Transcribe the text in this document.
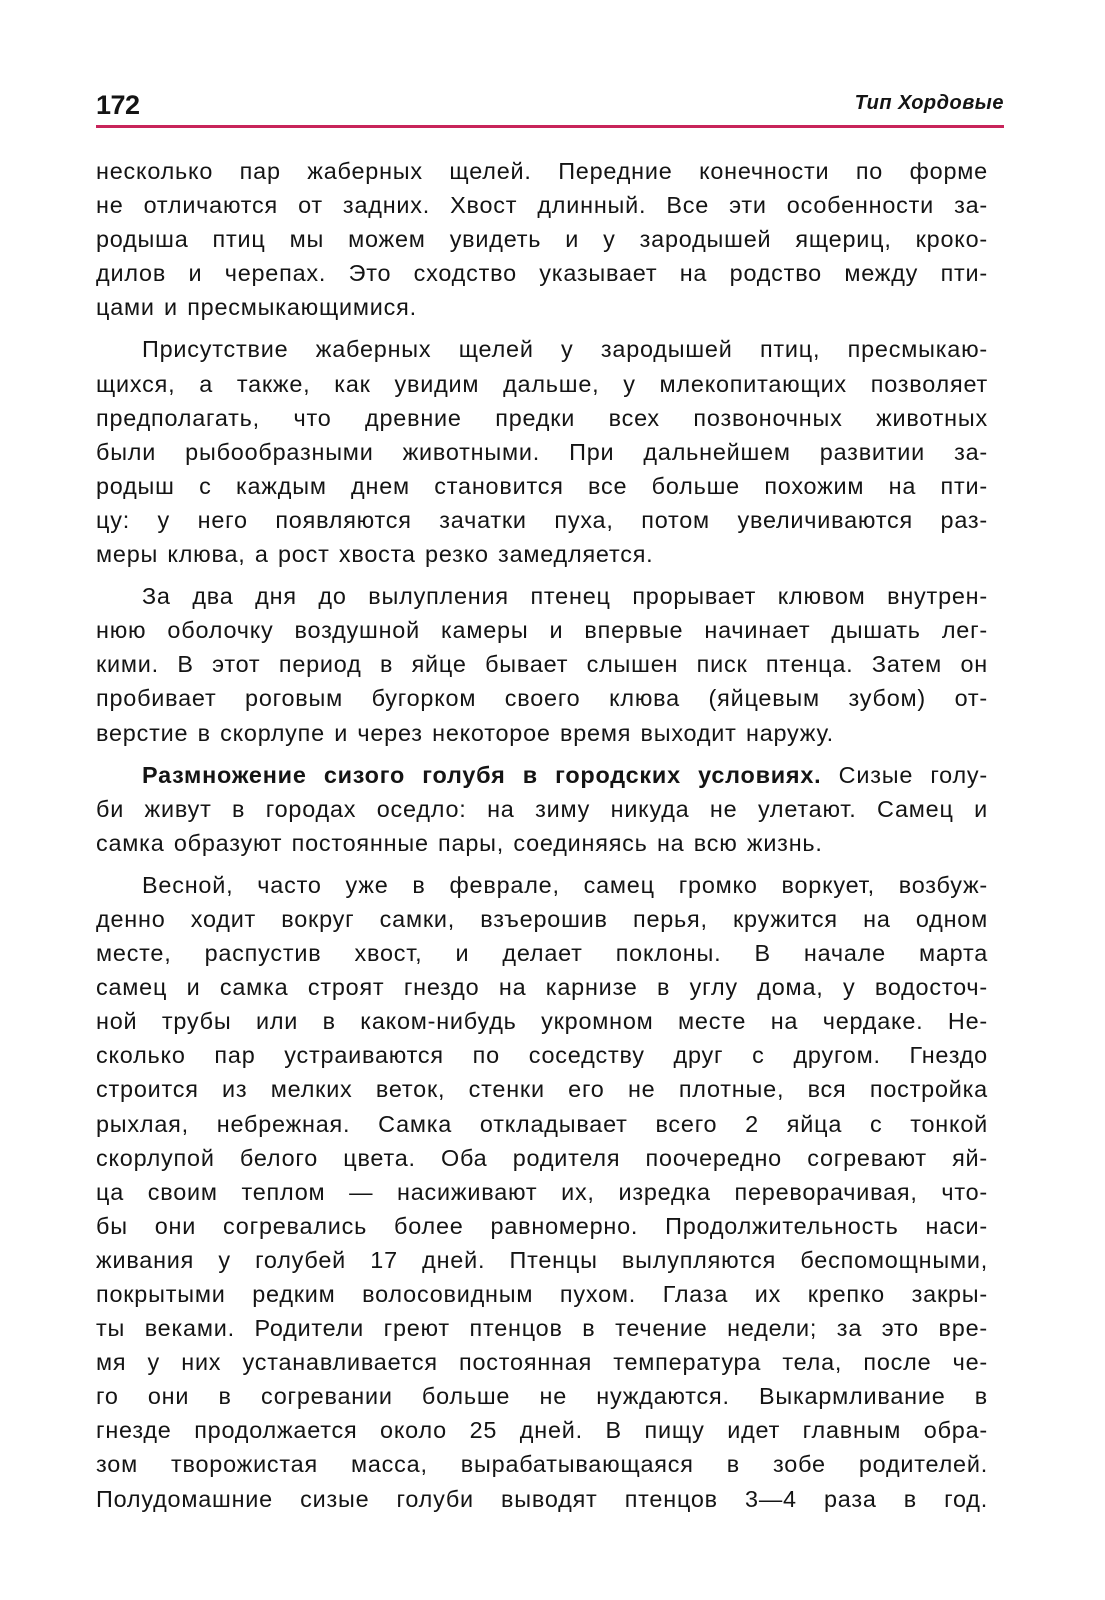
172	Тип Хордовые
несколько пар жаберных щелей. Передние конечности по форме
не отличаются от задних. Хвост длинный. Все эти особенности за-
родыша птиц мы можем увидеть и у зародышей ящериц, кроко-
дилов и черепах. Это сходство указывает на родство между пти-
цами и пресмыкающимися.
Присутствие жаберных щелей у зародышей птиц, пресмыкаю-
щихся, а также, как увидим дальше, у млекопитающих позволяет
предполагать, что древние предки всех позвоночных животных
были рыбообразными животными. При дальнейшем развитии за-
родыш с каждым днем становится все больше похожим на пти-
цу: у него появляются зачатки пуха, потом увеличиваются раз-
меры клюва, а рост хвоста резко замедляется.
За два дня до вылупления птенец прорывает клювом внутрен-
нюю оболочку воздушной камеры и впервые начинает дышать лег-
кими. В этот период в яйце бывает слышен писк птенца. Затем он
пробивает роговым бугорком своего клюва (яйцевым зубом) от-
верстие в скорлупе и через некоторое время выходит наружу.
Размножение сизого голубя в городских условиях. Сизые голу-
би живут в городах оседло: на зиму никуда не улетают. Самец и
самка образуют постоянные пары, соединяясь на всю жизнь.
Весной, часто уже в феврале, самец громко воркует, возбуж-
денно ходит вокруг самки, взъерошив перья, кружится на одном
месте, распустив хвост, и делает поклоны. В начале марта
самец и самка строят гнездо на карнизе в углу дома, у водосточ-
ной трубы или в каком-нибудь укромном месте на чердаке. Не-
сколько пар устраиваются по соседству друг с другом. Гнездо
строится из мелких веток, стенки его не плотные, вся постройка
рыхлая, небрежная. Самка откладывает всего 2 яйца с тонкой
скорлупой белого цвета. Оба родителя поочередно согревают яй-
ца своим теплом — насиживают их, изредка переворачивая, что-
бы они согревались более равномерно. Продолжительность наси-
живания у голубей 17 дней. Птенцы вылупляются беспомощными,
покрытыми редким волосовидным пухом. Глаза их крепко закры-
ты веками. Родители греют птенцов в течение недели; за это вре-
мя у них устанавливается постоянная температура тела, после че-
го они в согревании больше не нуждаются. Выкармливание в
гнезде продолжается около 25 дней. В пищу идет главным обра-
зом творожистая масса, вырабатывающаяся в зобе родителей.
Полудомашние сизые голуби выводят птенцов 3—4 раза в год.
